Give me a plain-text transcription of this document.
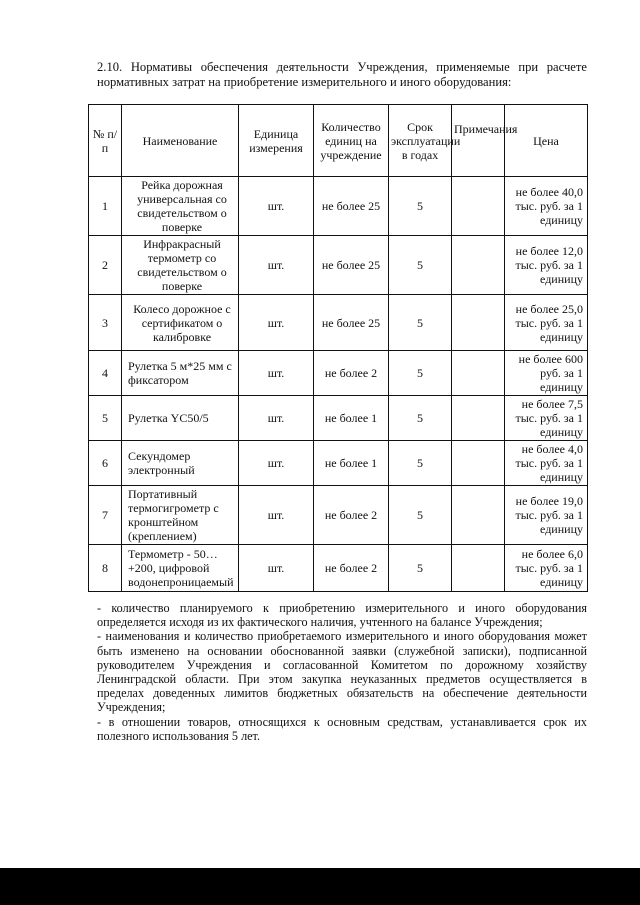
2.10. Нормативы обеспечения деятельности Учреждения, применяемые при расчете нормативных затрат на приобретение измерительного и иного оборудования:
№ п/п	Наименование	Единица измерения	Количество единиц на учреждение	Срок эксплуатации в годах	Примечания	Цена
1	Рейка дорожная универсальная со свидетельством о поверке	шт.	не более 25	5		не более 40,0 тыс. руб. за 1 единицу
2	Инфракрасный термометр со свидетельством о поверке	шт.	не более 25	5		не более 12,0 тыс. руб. за 1 единицу
3	Колесо дорожное с сертификатом о калибровке	шт.	не более 25	5		не более 25,0 тыс. руб. за 1 единицу
4	Рулетка 5 м*25 мм с фиксатором	шт.	не более 2	5		не более 600 руб. за 1 единицу
5	Рулетка YC50/5	шт.	не более 1	5		не более 7,5 тыс. руб. за 1 единицу
6	Секундомер электронный	шт.	не более 1	5		не более 4,0 тыс. руб. за 1 единицу
7	Портативный термогигрометр с кронштейном (креплением)	шт.	не более 2	5		не более 19,0 тыс. руб. за 1 единицу
8	Термометр - 50…+200, цифровой водонепроницаемый	шт.	не более 2	5		не более 6,0 тыс. руб. за 1 единицу

- количество планируемого к приобретению измерительного и иного оборудования определяется исходя из их фактического наличия, учтенного на балансе Учреждения;

- наименования и количество приобретаемого измерительного и иного оборудования может быть изменено на основании обоснованной заявки (служебной записки), подписанной руководителем Учреждения и согласованной Комитетом по дорожному хозяйству Ленинградской области. При этом закупка неуказанных предметов осуществляется в пределах доведенных лимитов бюджетных обязательств на обеспечение деятельности Учреждения;

- в отношении товаров, относящихся к основным средствам, устанавливается срок их полезного использования 5 лет.
